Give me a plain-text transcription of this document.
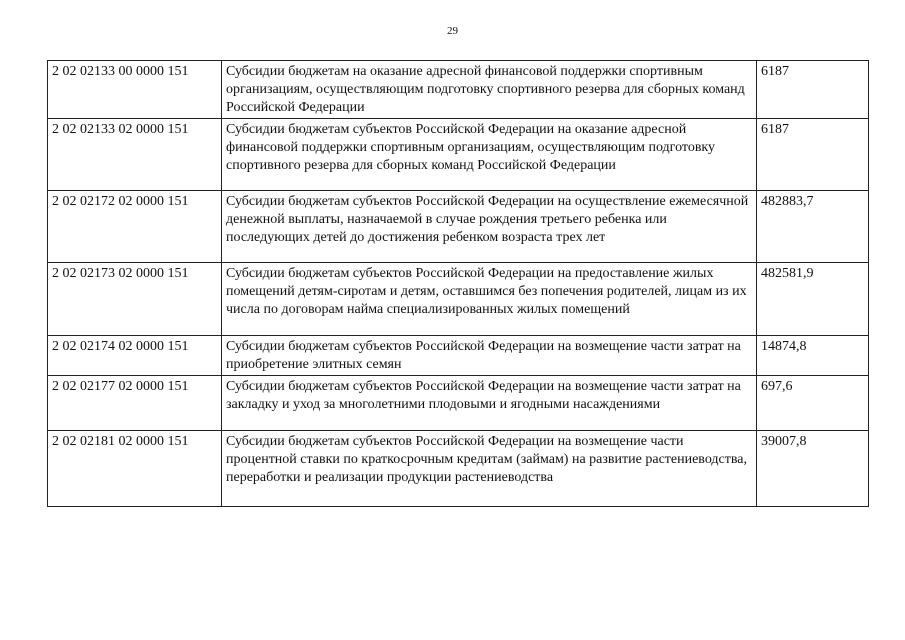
29
2 02 02133 00 0000 151	Субсидии бюджетам на оказание адресной финансовой поддержки спортивным организациям, осуществляющим подготовку спортивного резерва для сборных команд Российской Федерации	6187
2 02 02133 02 0000 151	Субсидии бюджетам субъектов Российской Федерации на оказание адресной финансовой поддержки спортивным организациям, осуществляющим подготовку спортивного резерва для сборных команд Российской Федерации	6187
2 02 02172 02 0000 151	Субсидии бюджетам субъектов Российской Федерации на осуществление ежемесячной денежной выплаты, назначаемой в случае рождения третьего ребенка или последующих детей до достижения ребенком возраста трех лет	482883,7
2 02 02173 02 0000 151	Субсидии бюджетам субъектов Российской Федерации на предоставление жилых помещений детям-сиротам и детям, оставшимся без попечения родителей, лицам из их числа по договорам найма специализированных жилых помещений	482581,9
2 02 02174 02 0000 151	Субсидии бюджетам субъектов Российской Федерации на возмещение части затрат на приобретение элитных семян	14874,8
2 02 02177 02 0000 151	Субсидии бюджетам субъектов Российской Федерации на возмещение части затрат на закладку и уход за многолетними плодовыми и ягодными насаждениями	697,6
2 02 02181 02 0000 151	Субсидии бюджетам субъектов Российской Федерации на возмещение части процентной ставки по краткосрочным кредитам (займам) на развитие растениеводства, переработки и реализации продукции растениеводства	39007,8
